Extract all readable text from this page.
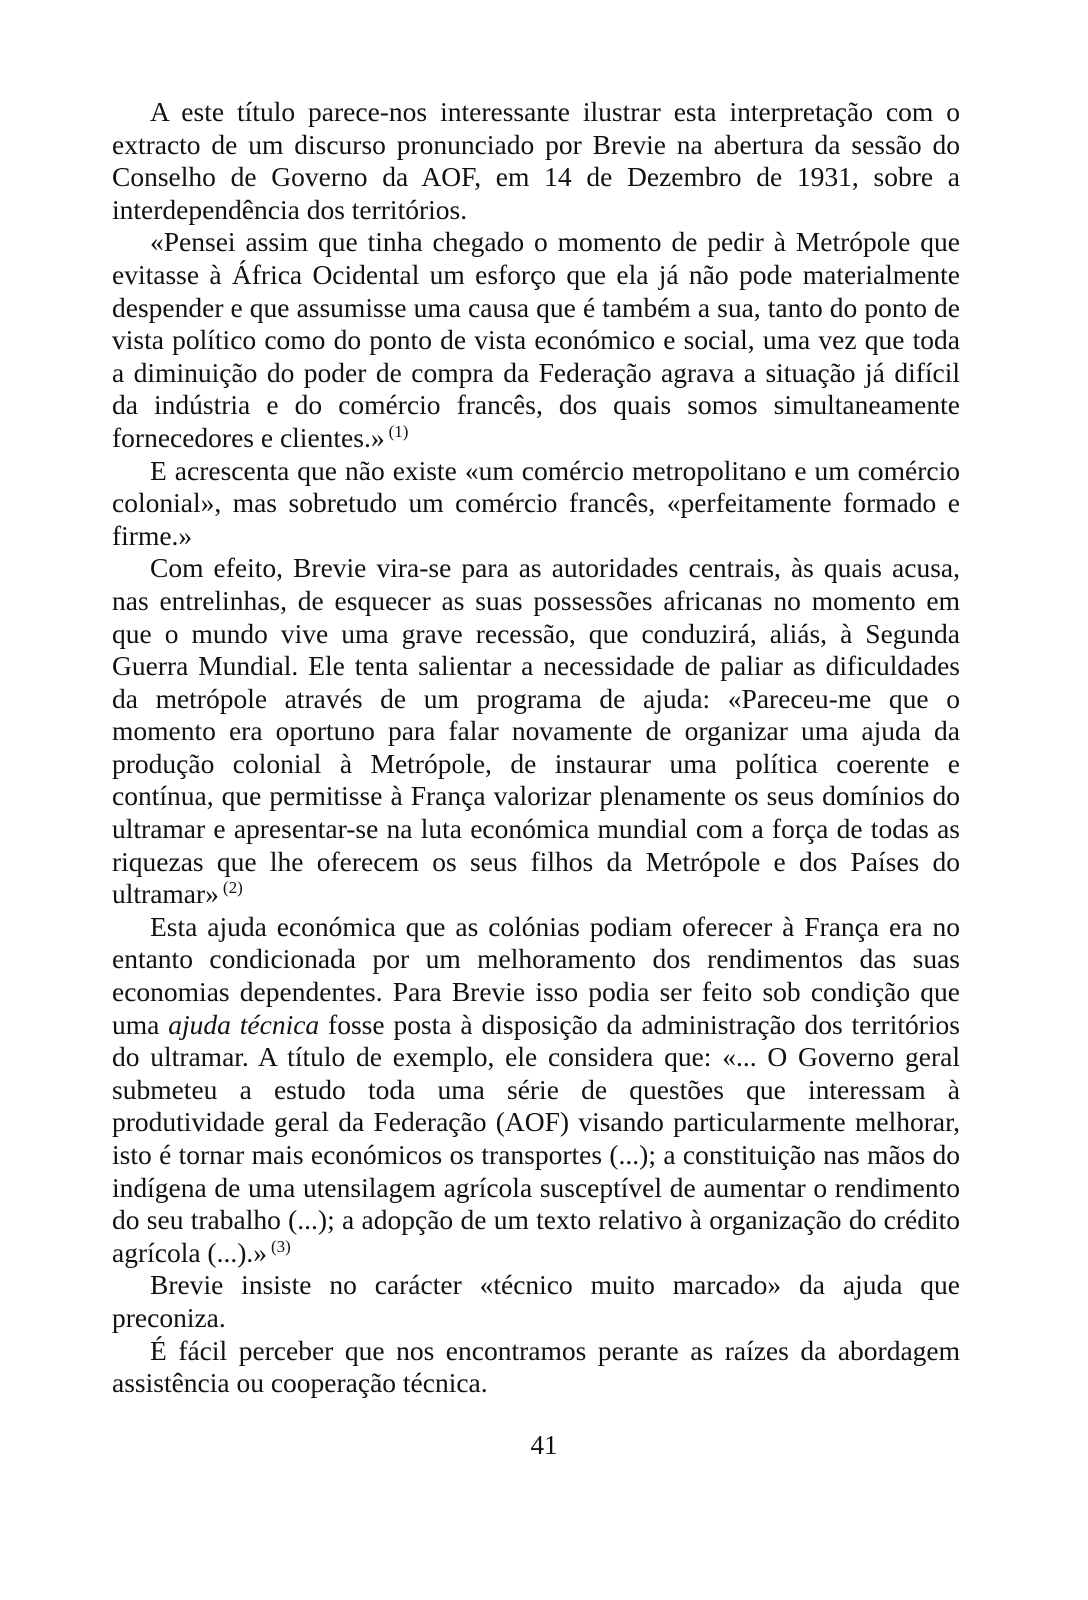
A este título parece-nos interessante ilustrar esta interpretação com o extracto de um discurso pronunciado por Brevie na abertura da sessão do Conselho de Governo da AOF, em 14 de Dezembro de 1931, sobre a interdependência dos territórios.

«Pensei assim que tinha chegado o momento de pedir à Metrópole que evitasse à África Ocidental um esforço que ela já não pode materialmente despender e que assumisse uma causa que é também a sua, tanto do ponto de vista político como do ponto de vista económico e social, uma vez que toda a diminuição do poder de compra da Federação agrava a situação já difícil da indústria e do comércio francês, dos quais somos simultaneamente fornecedores e clientes.» $^{(1)}$

E acrescenta que não existe «um comércio metropolitano e um comércio colonial», mas sobretudo um comércio francês, «perfeitamente formado e firme.»

Com efeito, Brevie vira-se para as autoridades centrais, às quais acusa, nas entrelinhas, de esquecer as suas possessões africanas no momento em que o mundo vive uma grave recessão, que conduzirá, aliás, à Segunda Guerra Mundial. Ele tenta salientar a necessidade de paliar as dificuldades da metrópole através de um programa de ajuda: «Pareceu-me que o momento era oportuno para falar novamente de organizar uma ajuda da produção colonial à Metrópole, de instaurar uma política coerente e contínua, que permitisse à França valorizar plenamente os seus domínios do ultramar e apresentar-se na luta económica mundial com a força de todas as riquezas que lhe oferecem os seus filhos da Metrópole e dos Países do ultramar» $^{(2)}$

Esta ajuda económica que as colónias podiam oferecer à França era no entanto condicionada por um melhoramento dos rendimentos das suas economias dependentes. Para Brevie isso podia ser feito sob condição que uma ajuda técnica fosse posta à disposição da administração dos territórios do ultramar. A título de exemplo, ele considera que: «... O Governo geral submeteu a estudo toda uma série de questões que interessam à produtividade geral da Federação (AOF) visando particularmente melhorar, isto é tornar mais económicos os transportes (...); a constituição nas mãos do indígena de uma utensilagem agrícola susceptível de aumentar o rendimento do seu trabalho (...); a adopção de um texto relativo à organização do crédito agrícola (...).» $^{(3)}$

Brevie insiste no carácter «técnico muito marcado» da ajuda que preconiza.

É fácil perceber que nos encontramos perante as raízes da abordagem assistência ou cooperação técnica.

41
